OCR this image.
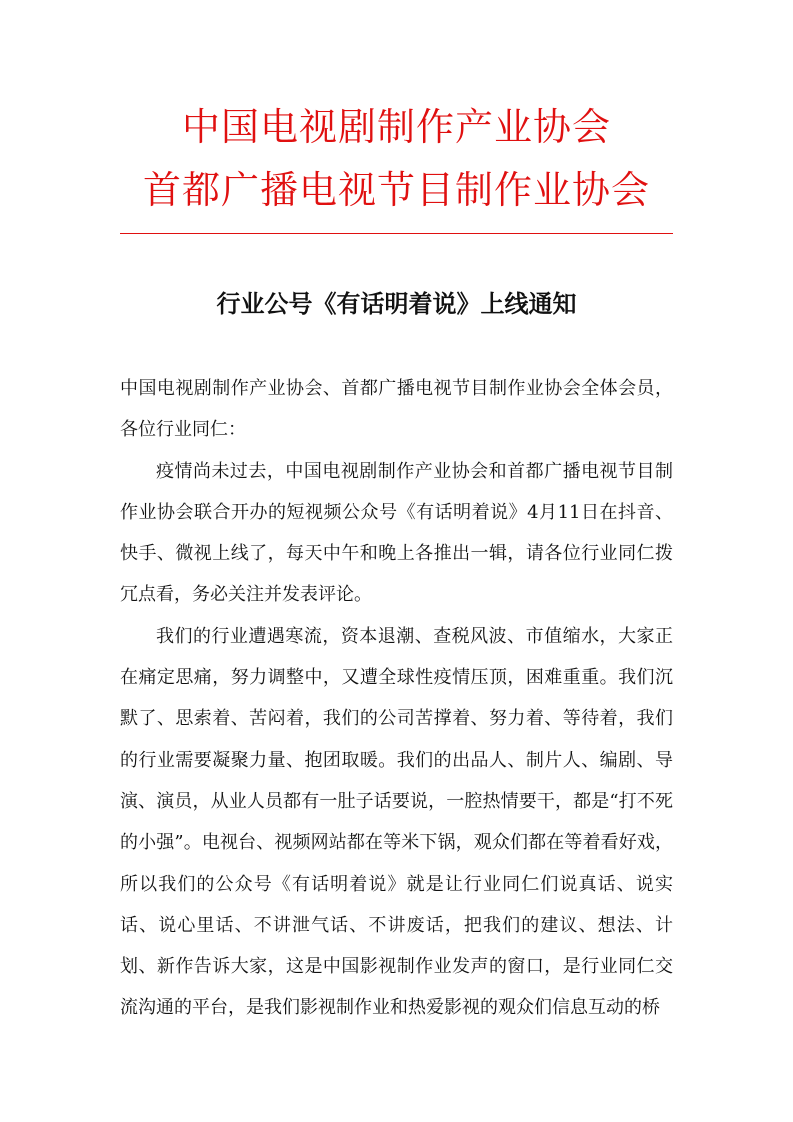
中国电视剧制作产业协会
首都广播电视节目制作业协会
行业公号《有话明着说》上线通知

中国电视剧制作产业协会、首都广播电视节目制作业协会全体会员，各位行业同仁：

疫情尚未过去，中国电视剧制作产业协会和首都广播电视节目制作业协会联合开办的短视频公众号《有话明着说》4月11日在抖音、快手、微视上线了，每天中午和晚上各推出一辑，请各位行业同仁拨冗点看，务必关注并发表评论。

我们的行业遭遇寒流，资本退潮、查税风波、市值缩水，大家正在痛定思痛，努力调整中，又遭全球性疫情压顶，困难重重。我们沉默了、思索着、苦闷着，我们的公司苦撑着、努力着、等待着，我们的行业需要凝聚力量、抱团取暖。我们的出品人、制片人、编剧、导演、演员，从业人员都有一肚子话要说，一腔热情要干，都是“打不死的小强”。电视台、视频网站都在等米下锅，观众们都在等着看好戏，所以我们的公众号《有话明着说》就是让行业同仁们说真话、说实话、说心里话、不讲泄气话、不讲废话，把我们的建议、想法、计划、新作告诉大家，这是中国影视制作业发声的窗口，是行业同仁交流沟通的平台，是我们影视制作业和热爱影视的观众们信息互动的桥
